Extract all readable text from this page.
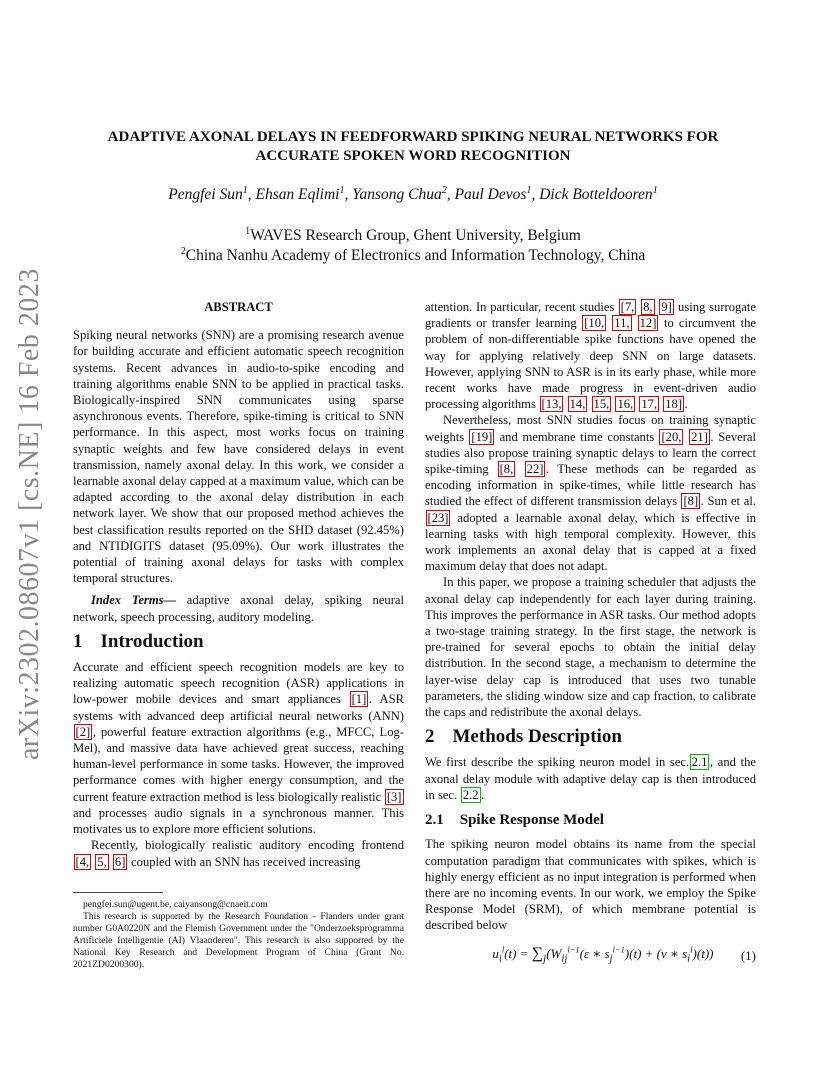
arXiv:2302.08607v1 [cs.NE] 16 Feb 2023
ADAPTIVE AXONAL DELAYS IN FEEDFORWARD SPIKING NEURAL NETWORKS FOR
ACCURATE SPOKEN WORD RECOGNITION
Pengfei Sun$^1$, Ehsan Eqlimi$^1$, Yansong Chua$^2$, Paul Devos$^1$, Dick Botteldooren$^1$
$^1$WAVES Research Group, Ghent University, Belgium
$^2$China Nanhu Academy of Electronics and Information Technology, China
ABSTRACT

Spiking neural networks (SNN) are a promising research avenue for building accurate and efficient automatic speech recognition systems. Recent advances in audio-to-spike encoding and training algorithms enable SNN to be applied in practical tasks. Biologically-inspired SNN communicates using sparse asynchronous events. Therefore, spike-timing is critical to SNN performance. In this aspect, most works focus on training synaptic weights and few have considered delays in event transmission, namely axonal delay. In this work, we consider a learnable axonal delay capped at a maximum value, which can be adapted according to the axonal delay distribution in each network layer. We show that our proposed method achieves the best classification results reported on the SHD dataset (92.45%) and NTIDIGITS dataset (95.09%). Our work illustrates the potential of training axonal delays for tasks with complex temporal structures.

Index Terms— adaptive axonal delay, spiking neural network, speech processing, auditory modeling.

1 Introduction

Accurate and efficient speech recognition models are key to realizing automatic speech recognition (ASR) applications in low-power mobile devices and smart appliances [1] . ASR systems with advanced deep artificial neural networks (ANN) [2] , powerful feature extraction algorithms (e.g., MFCC, Log-Mel), and massive data have achieved great success, reaching human-level performance in some tasks. However, the improved performance comes with higher energy consumption, and the current feature extraction method is less biologically realistic [3] and processes audio signals in a synchronous manner. This motivates us to explore more efficient solutions.

Recently, biologically realistic auditory encoding frontend [4, 5, 6] coupled with an SNN has received increasing

pengfei.sun@ugent.be, caiyansong@cnaeit.com

This research is supported by the Research Foundation - Flanders under grant number G0A0220N and the Flemish Government under the "Onderzoeksprogramma Artificiele Intelligentie (AI) Vlaanderen". This research is also supported by the National Key Research and Development Program of China (Grant No. 2021ZD0200300).

attention. In particular, recent studies [7, 8, 9] using surrogate gradients or transfer learning [10, 11, 12] to circumvent the problem of non-differentiable spike functions have opened the way for applying relatively deep SNN on large datasets. However, applying SNN to ASR is in its early phase, while more recent works have made progress in event-driven audio processing algorithms [13, 14, 15, 16, 17, 18] .

Nevertheless, most SNN studies focus on training synaptic weights [19] and membrane time constants [20, 21] . Several studies also propose training synaptic delays to learn the correct spike-timing [8, 22] . These methods can be regarded as encoding information in spike-times, while little research has studied the effect of different transmission delays [8] . Sun et al.[23] adopted a learnable axonal delay, which is effective in learning tasks with high temporal complexity. However, this work implements an axonal delay that is capped at a fixed maximum delay that does not adapt.

In this paper, we propose a training scheduler that adjusts the axonal delay cap independently for each layer during training. This improves the performance in ASR tasks. Our method adopts a two-stage training strategy. In the first stage, the network is pre-trained for several epochs to obtain the initial delay distribution. In the second stage, a mechanism to determine the layer-wise delay cap is introduced that uses two tunable parameters, the sliding window size and cap fraction, to calibrate the caps and redistribute the axonal delays.

2 Methods Description

We first describe the spiking neuron model in sec. 2.1 , and the axonal delay module with adaptive delay cap is then introduced in sec. 2.2 .

2.1 Spike Response Model

The spiking neuron model obtains its name from the special computation paradigm that communicates with spikes, which is highly energy efficient as no input integration is performed when there are no incoming events. In our work, we employ the Spike Response Model (SRM), of which membrane potential is described below

$u_i^l(t) = \sum_j(W_{ij}^{l-1}(\varepsilon$ ∗ $s_j^{l-1})(t) + (\nu$ ∗ $s_i^l)(t)$)	(1)
